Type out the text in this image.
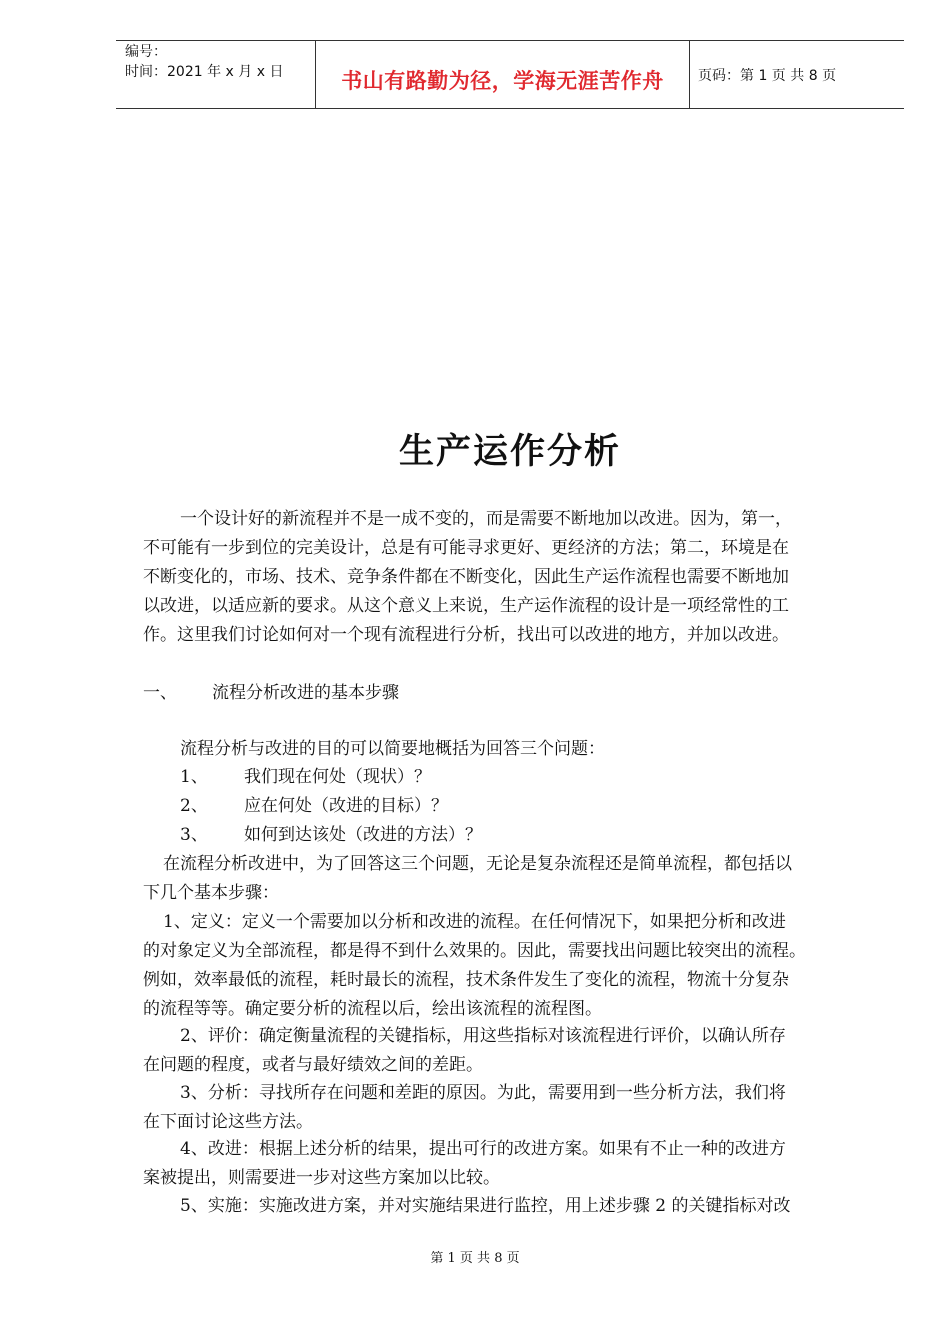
编号：
时间：2021 年 x 月 x 日	书山有路勤为径，学海无涯苦作舟	页码：第 1 页 共 8 页
生产运作分析
一个设计好的新流程并不是一成不变的，而是需要不断地加以改进。因为，第一，
不可能有一步到位的完美设计，总是有可能寻求更好、更经济的方法；第二，环境是在
不断变化的，市场、技术、竞争条件都在不断变化，因此生产运作流程也需要不断地加
以改进，以适应新的要求。从这个意义上来说，生产运作流程的设计是一项经常性的工
作。这里我们讨论如何对一个现有流程进行分析，找出可以改进的地方，并加以改进。
一、 流程分析改进的基本步骤
流程分析与改进的目的可以简要地概括为回答三个问题：
1、 我们现在何处（现状）？
2、 应在何处（改进的目标）？
3、 如何到达该处（改进的方法）？
在流程分析改进中，为了回答这三个问题，无论是复杂流程还是简单流程，都包括以
下几个基本步骤：
1、定义：定义一个需要加以分析和改进的流程。在任何情况下，如果把分析和改进
的对象定义为全部流程，都是得不到什么效果的。因此，需要找出问题比较突出的流程。
例如，效率最低的流程，耗时最长的流程，技术条件发生了变化的流程，物流十分复杂
的流程等等。确定要分析的流程以后，绘出该流程的流程图。
2、评价：确定衡量流程的关键指标，用这些指标对该流程进行评价，以确认所存
在问题的程度，或者与最好绩效之间的差距。
3、分析：寻找所存在问题和差距的原因。为此，需要用到一些分析方法，我们将
在下面讨论这些方法。
4、改进：根据上述分析的结果，提出可行的改进方案。如果有不止一种的改进方
案被提出，则需要进一步对这些方案加以比较。
5、实施：实施改进方案，并对实施结果进行监控，用上述步骤 2 的关键指标对改
第 1 页 共 8 页
